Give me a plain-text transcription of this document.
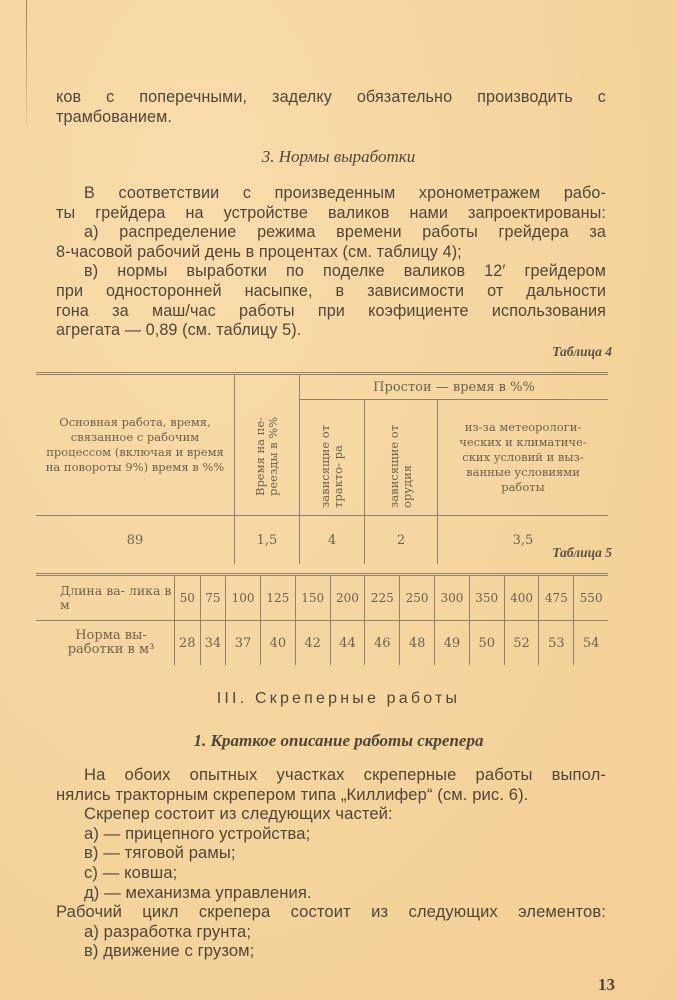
ков с поперечными, заделку обязательно производить с
трамбованием.
3. Нормы выработки
В соответствии с произведенным хронометражем рабо-
ты грейдера на устройстве валиков нами запроектированы:
а) распределение режима времени работы грейдера за
8-часовой рабочий день в процентах (см. таблицу 4);
в) нормы выработки по поделке валиков 12′ грейдером
при односторонней насыпке, в зависимости от дальности
гона за маш/час работы при коэфициенте использования
агрегата — 0,89 (см. таблицу 5).
Таблица 4
Основная работа, время, связанное с рабочим процессом (включая и время на повороты 9%) время в %%	Время на пе- реезды в %%	Простои — время в %%		
		зависящие от тракто- ра	зависящие от орудия	из-за метеорологи- ческих и климатиче- ских условий и выз- ванные условиями работы
89	1,5	4	2	3,5
Таблица 5
Длина ва- лика в м	50	75	100	125	150	200	225	250	300	350	400	475	550
Норма вы- работки в м³	28	34	37	40	42	44	46	48	49	50	52	53	54
III. Скреперные работы
1. Краткое описание работы скрепера
На обоих опытных участках скреперные работы выпол-
нялись тракторным скрепером типа „Киллифер“ (см. рис. 6).
Скрепер состоит из следующих частей:
а) — прицепного устройства;
в) — тяговой рамы;
с) — ковша;
д) — механизма управления.
Рабочий цикл скрепера состоит из следующих элементов:
а) разработка грунта;
в) движение с грузом;
13
